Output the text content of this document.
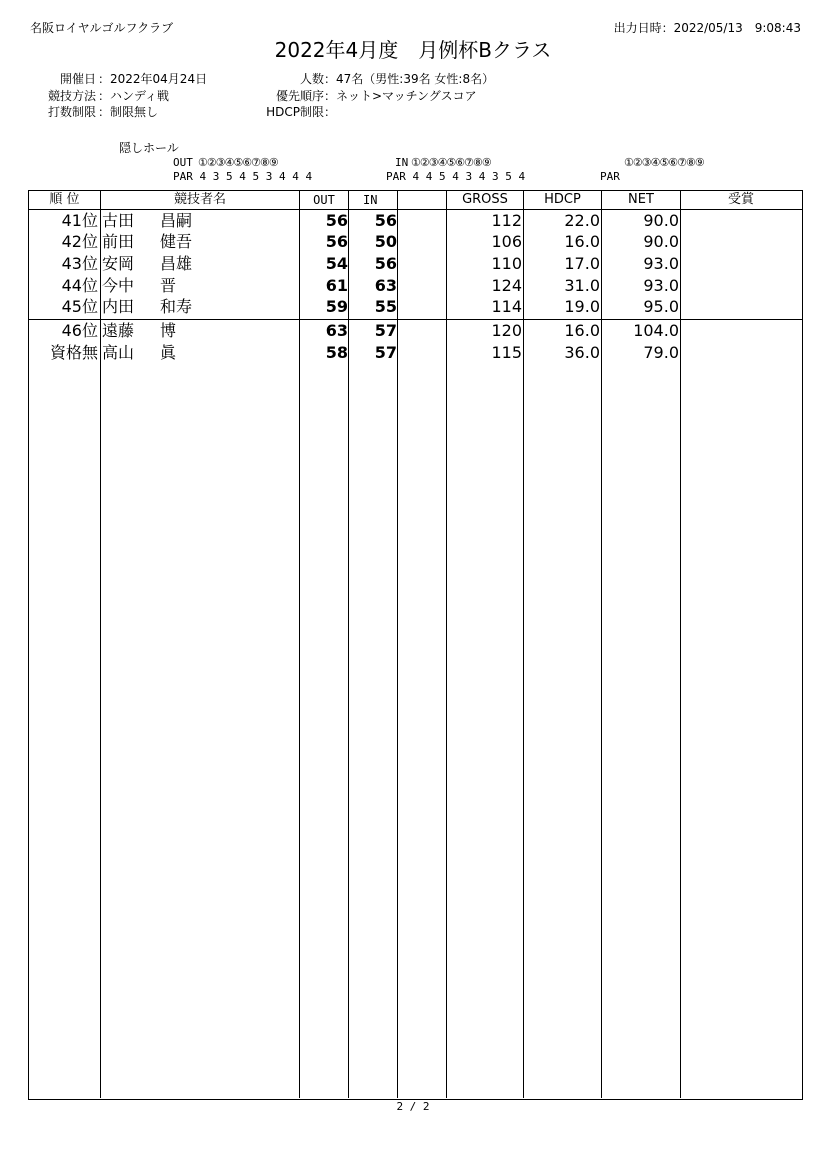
名阪ロイヤルゴルフクラブ	出力日時：2022/05/13　9:08:43
2022年4月度　月例杯Bクラス
開催日 ：2022年04月24日
競技方法 ：ハンディ戦
打数制限 ：制限無し
人数 ：47名（男性:39名 女性:8名）
優先順序 ：ネット>マッチングスコア
HDCP制限 ：
隠しホール
OUT ①②③④⑤⑥⑦⑧⑨
PAR 4 3 5 4 5 3 4 4 4
IN ①②③④⑤⑥⑦⑧⑨
PAR 4 4 5 4 3 4 3 5 4
①②③④⑤⑥⑦⑧⑨
PAR
順 位	競技者名	OUT	IN	GROSS	HDCP	NET	受賞
41位 古田 昌嗣	56	56	112	22.0	90.0
42位 前田 健吾	56	50	106	16.0	90.0
43位 安岡 昌雄	54	56	110	17.0	93.0
44位 今中 晋	61	63	124	31.0	93.0
45位 内田 和寿	59	55	114	19.0	95.0
46位 遠藤 博	63	57	120	16.0	104.0
資格無 高山 眞	58	57	115	36.0	79.0
2 / 2
